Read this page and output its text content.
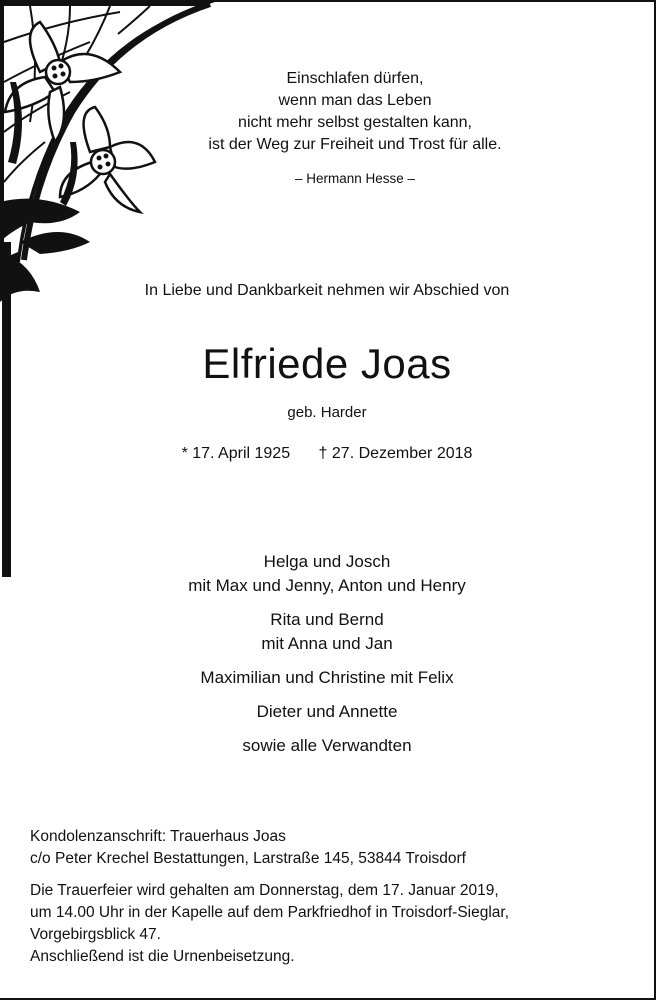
Einschlafen dürfen,
wenn man das Leben
nicht mehr selbst gestalten kann,
ist der Weg zur Freiheit und Trost für alle.
– Hermann Hesse –
In Liebe und Dankbarkeit nehmen wir Abschied von
Elfriede Joas
geb. Harder
* 17. April 1925 † 27. Dezember 2018
Helga und Josch
mit Max und Jenny, Anton und Henry
Rita und Bernd
mit Anna und Jan
Maximilian und Christine mit Felix
Dieter und Annette
sowie alle Verwandten

Kondolenzanschrift: Trauerhaus Joas

c/o Peter Krechel Bestattungen, Larstraße 145, 53844 Troisdorf

Die Trauerfeier wird gehalten am Donnerstag, dem 17. Januar 2019,

um 14.00 Uhr in der Kapelle auf dem Parkfriedhof in Troisdorf-Sieglar,

Vorgebirgsblick 47.

Anschließend ist die Urnenbeisetzung.
